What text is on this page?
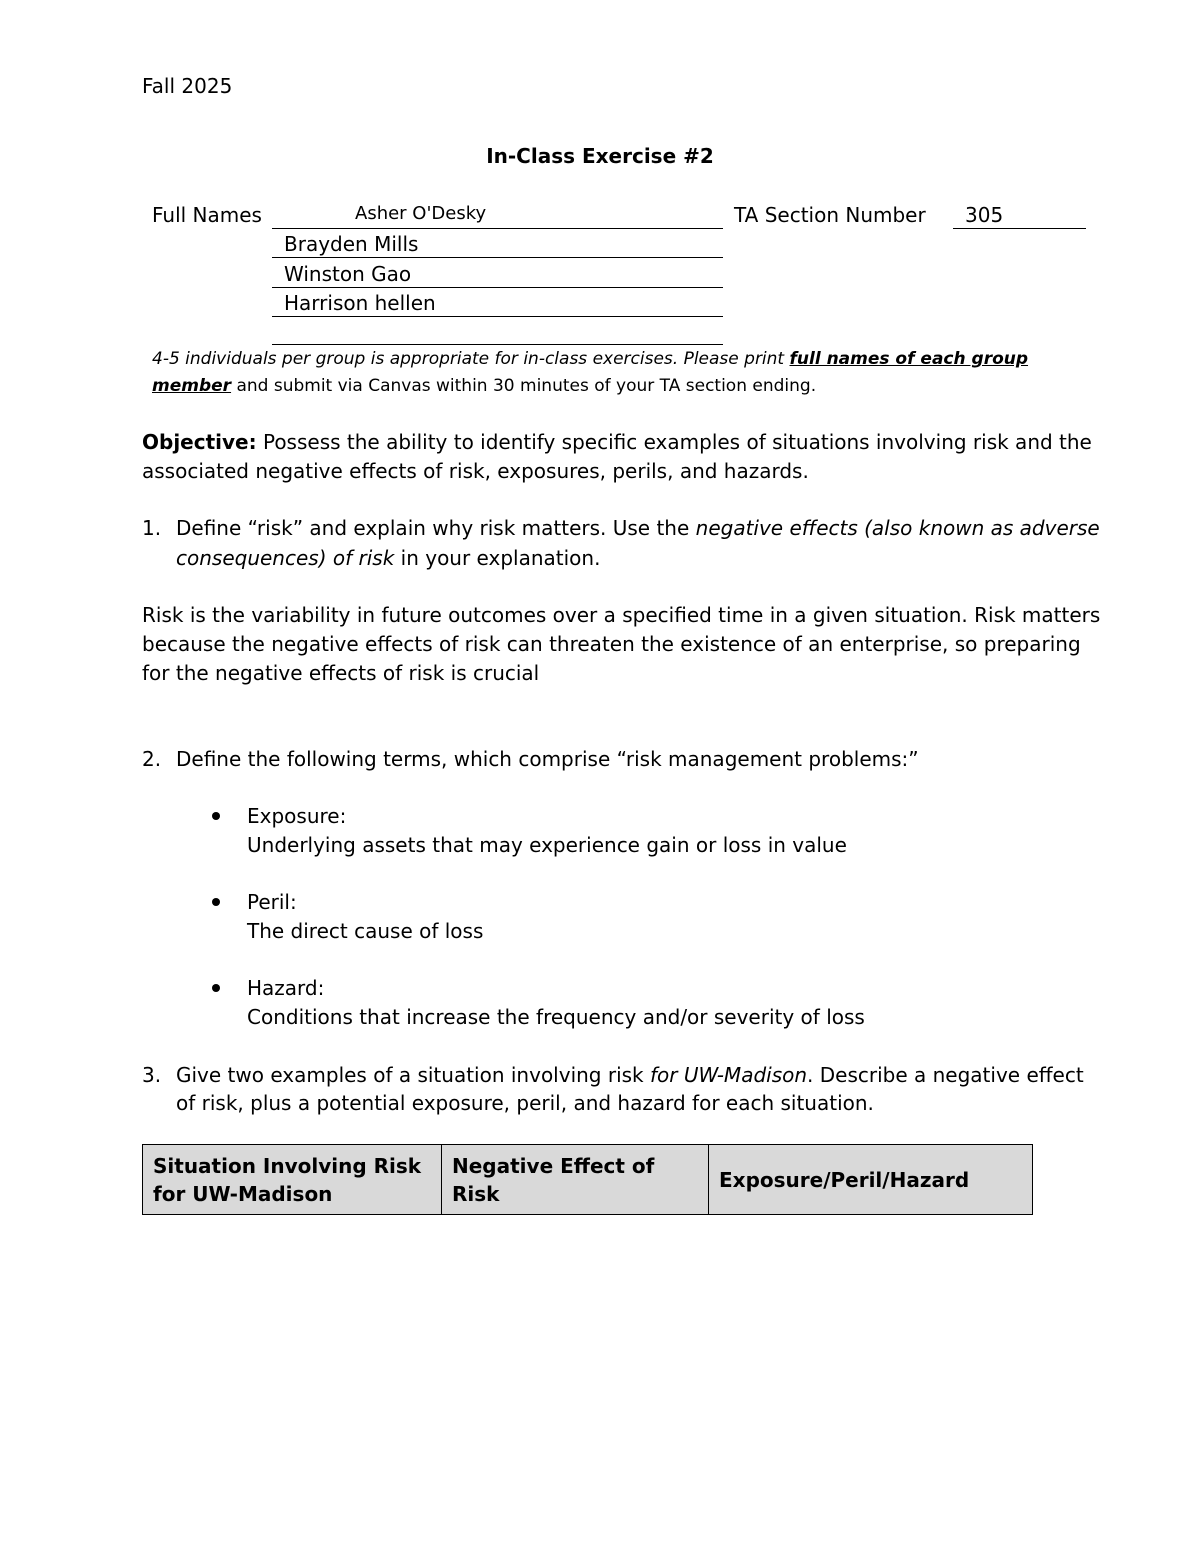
Fall 2025
In-Class Exercise #2
Full Names	Asher O'Desky
Brayden Mills
Winston Gao
Harrison hellen
TA Section Number 305
4-5 individuals per group is appropriate for in-class exercises. Please print full names of each group
member and submit via Canvas within 30 minutes of your TA section ending.
Objective: Possess the ability to identify specific examples of situations involving risk and the
associated negative effects of risk, exposures, perils, and hazards.
1. Define “risk” and explain why risk matters. Use the negative effects (also known as adverse
consequences) of risk in your explanation.
Risk is the variability in future outcomes over a specified time in a given situation. Risk matters
because the negative effects of risk can threaten the existence of an enterprise, so preparing
for the negative effects of risk is crucial
2. Define the following terms, which comprise “risk management problems:”
Exposure:
Underlying assets that may experience gain or loss in value
Peril:
The direct cause of loss
Hazard:
Conditions that increase the frequency and/or severity of loss
3. Give two examples of a situation involving risk for UW-Madison. Describe a negative effect
of risk, plus a potential exposure, peril, and hazard for each situation.
Situation Involving Risk for UW-Madison	Negative Effect of Risk	Exposure/Peril/Hazard
